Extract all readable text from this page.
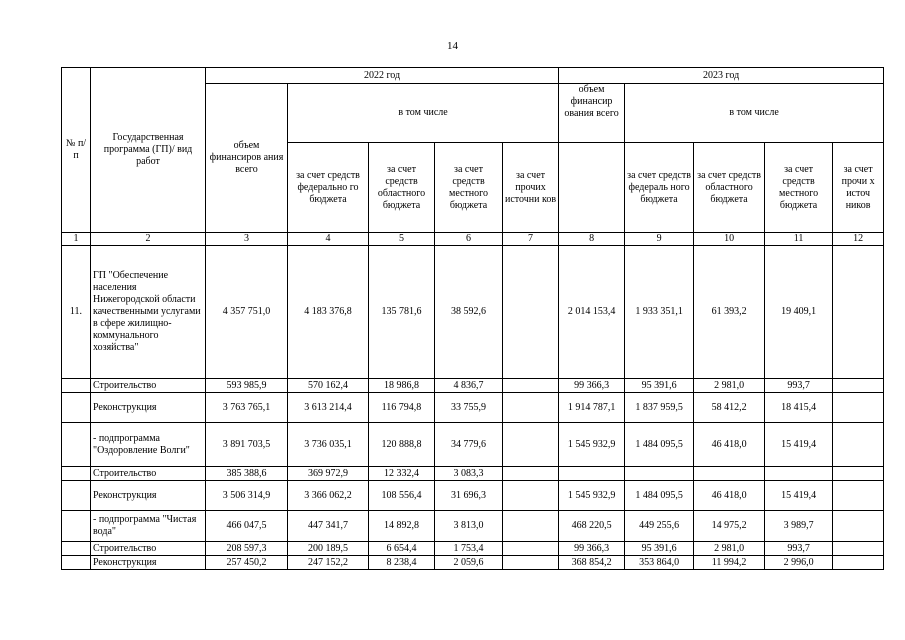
14
№ п/п	Государственная программа (ГП)/ вид работ	2022 год					2023 год				
		объем финансиров ания всего	в том числе				объем финансир ования всего	в том числе			
			за счет средств федерально го бюджета	за счет средств областного бюджета	за счет средств местного бюджета	за счет прочих источни ков		за счет средств федераль ного бюджета	за счет средств областного бюджета	за счет средств местного бюджета	за счет прочи х источ ников
1	2	3	4	5	6	7	8	9	10	11	12
11.	ГП "Обеспечение населения Нижегородской области качественными услугами в сфере жилищно-коммунального хозяйства"	4 357 751,0	4 183 376,8	135 781,6	38 592,6		2 014 153,4	1 933 351,1	61 393,2	19 409,1	
	Строительство	593 985,9	570 162,4	18 986,8	4 836,7		99 366,3	95 391,6	2 981,0	993,7	
	Реконструкция	3 763 765,1	3 613 214,4	116 794,8	33 755,9		1 914 787,1	1 837 959,5	58 412,2	18 415,4	
	- подпрограмма "Оздоровление Волги"	3 891 703,5	3 736 035,1	120 888,8	34 779,6		1 545 932,9	1 484 095,5	46 418,0	15 419,4	
	Строительство	385 388,6	369 972,9	12 332,4	3 083,3						
	Реконструкция	3 506 314,9	3 366 062,2	108 556,4	31 696,3		1 545 932,9	1 484 095,5	46 418,0	15 419,4	
	- подпрограмма "Чистая вода"	466 047,5	447 341,7	14 892,8	3 813,0		468 220,5	449 255,6	14 975,2	3 989,7	
	Строительство	208 597,3	200 189,5	6 654,4	1 753,4		99 366,3	95 391,6	2 981,0	993,7	
	Реконструкция	257 450,2	247 152,2	8 238,4	2 059,6		368 854,2	353 864,0	11 994,2	2 996,0	
